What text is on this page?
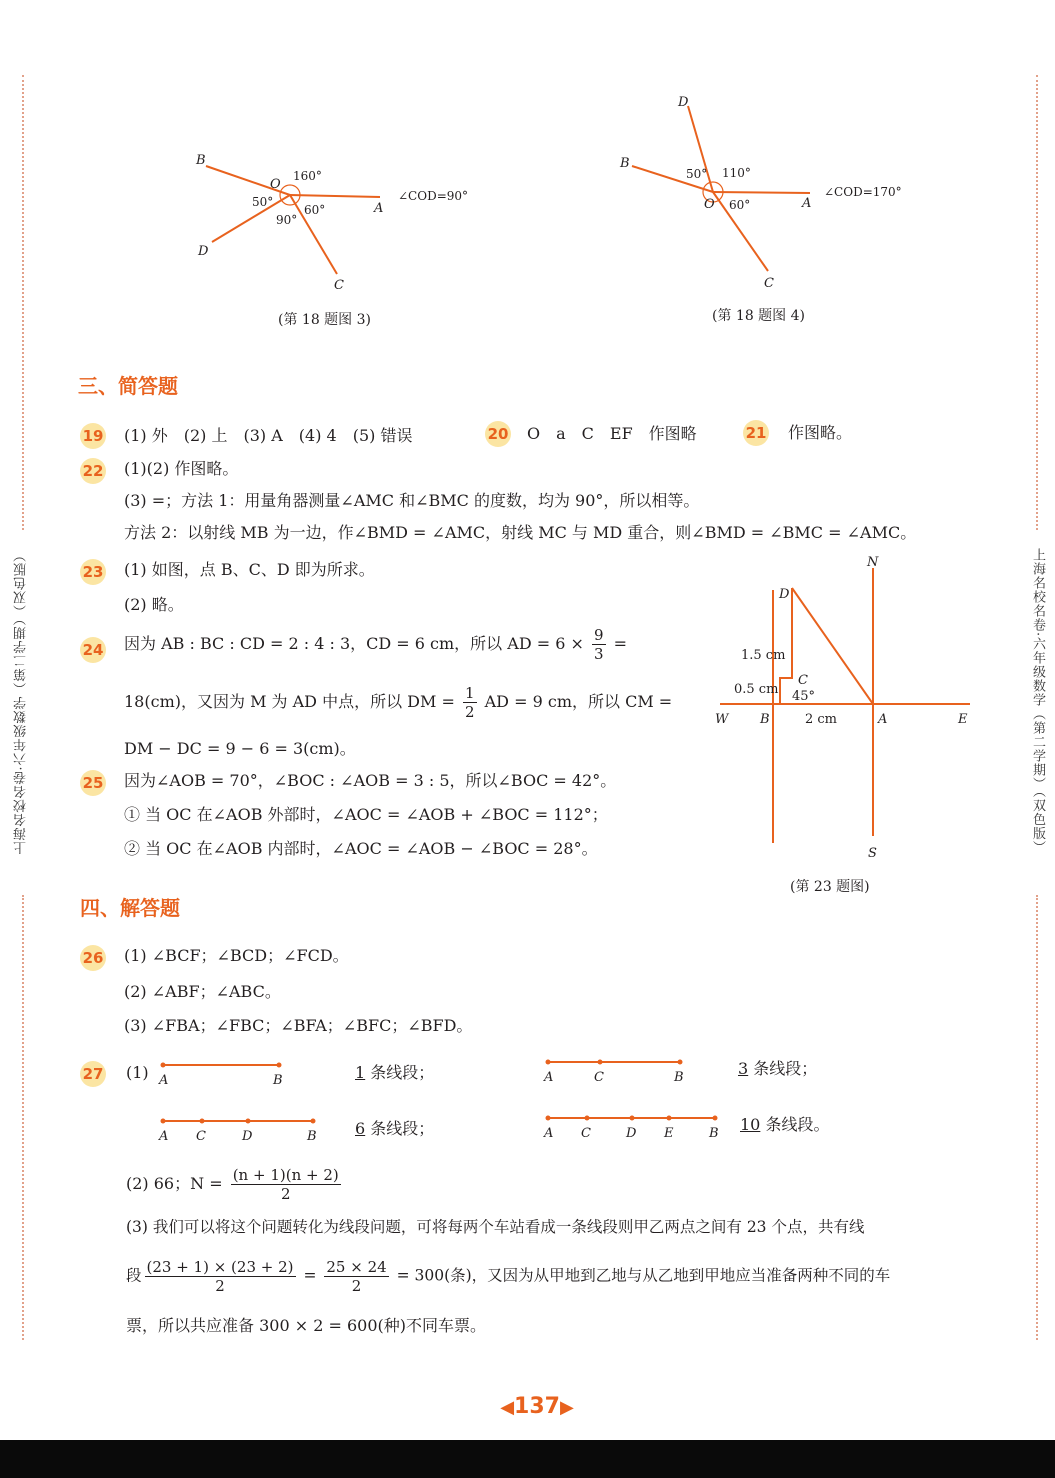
上海名校名卷·六年级数学（第二学期）（双色版）	上海名校名卷·六年级数学（第二学期）（双色版）
B
O
A
D
C
160°
50°
90°
60°
∠COD=90°
(第 18 题图 3)
D
B
O	A
C
50° 110°
60°
∠COD=170°
(第 18 题图 4)
三、简答题
19 (1) 外　(2) 上　(3) A　(4) 4　(5) 错误	20 O　a　C　EF　作图略	21 作图略。
22 (1)(2) 作图略。
(3) =；方法 1：用量角器测量∠AMC 和∠BMC 的度数，均为 90°，所以相等。
方法 2：以射线 MB 为一边，作∠BMD = ∠AMC，射线 MC 与 MD 重合，则∠BMD = ∠BMC = ∠AMC。
23 (1) 如图，点 B、C、D 即为所求。
(2) 略。
N
D
C
W B	A	E
S
1.5 cm
0.5 cm 45°
2 cm
(第 23 题图)
24 因为 AB : BC : CD = 2 : 4 : 3，CD = 6 cm，所以 AD = $6 \times \frac{9}{3}$ =
18(cm)，又因为 M 为 AD 中点，所以 DM = $\frac{1}{2}$ AD = 9 cm，所以 CM =
DM − DC = 9 − 6 = 3(cm)。
25 因为∠AOB = 70°，∠BOC : ∠AOB = 3 : 5，所以∠BOC = 42°。
① 当 OC 在∠AOB 外部时，∠AOC = ∠AOB + ∠BOC = 112°；
② 当 OC 在∠AOB 内部时，∠AOC = ∠AOB − ∠BOC = 28°。
四、解答题
26 (1) ∠BCF；∠BCD；∠FCD。
(2) ∠ABF；∠ABC。
(3) ∠FBA；∠FBC；∠BFA；∠BFC；∠BFD。
27 (1) A	B	1 条线段；	A	C	B	3 条线段；
A C	D	B 6 条线段；	A C	D E	B 10 条线段。
(2) 66；$N = \frac{(n + 1)(n + 2)}{2}$
(3) 我们可以将这个问题转化为线段问题，可将每两个车站看成一条线段则甲乙两点之间有 23 个点，共有线
段 $\frac{(23 + 1) \times (23 + 2)}{2} = \frac{25 \times 24}{2} = 300$(条)，又因为从甲地到乙地与从乙地到甲地应当准备两种不同的车
票，所以共应准备 300 × 2 = 600(种)不同车票。
◀137▶
